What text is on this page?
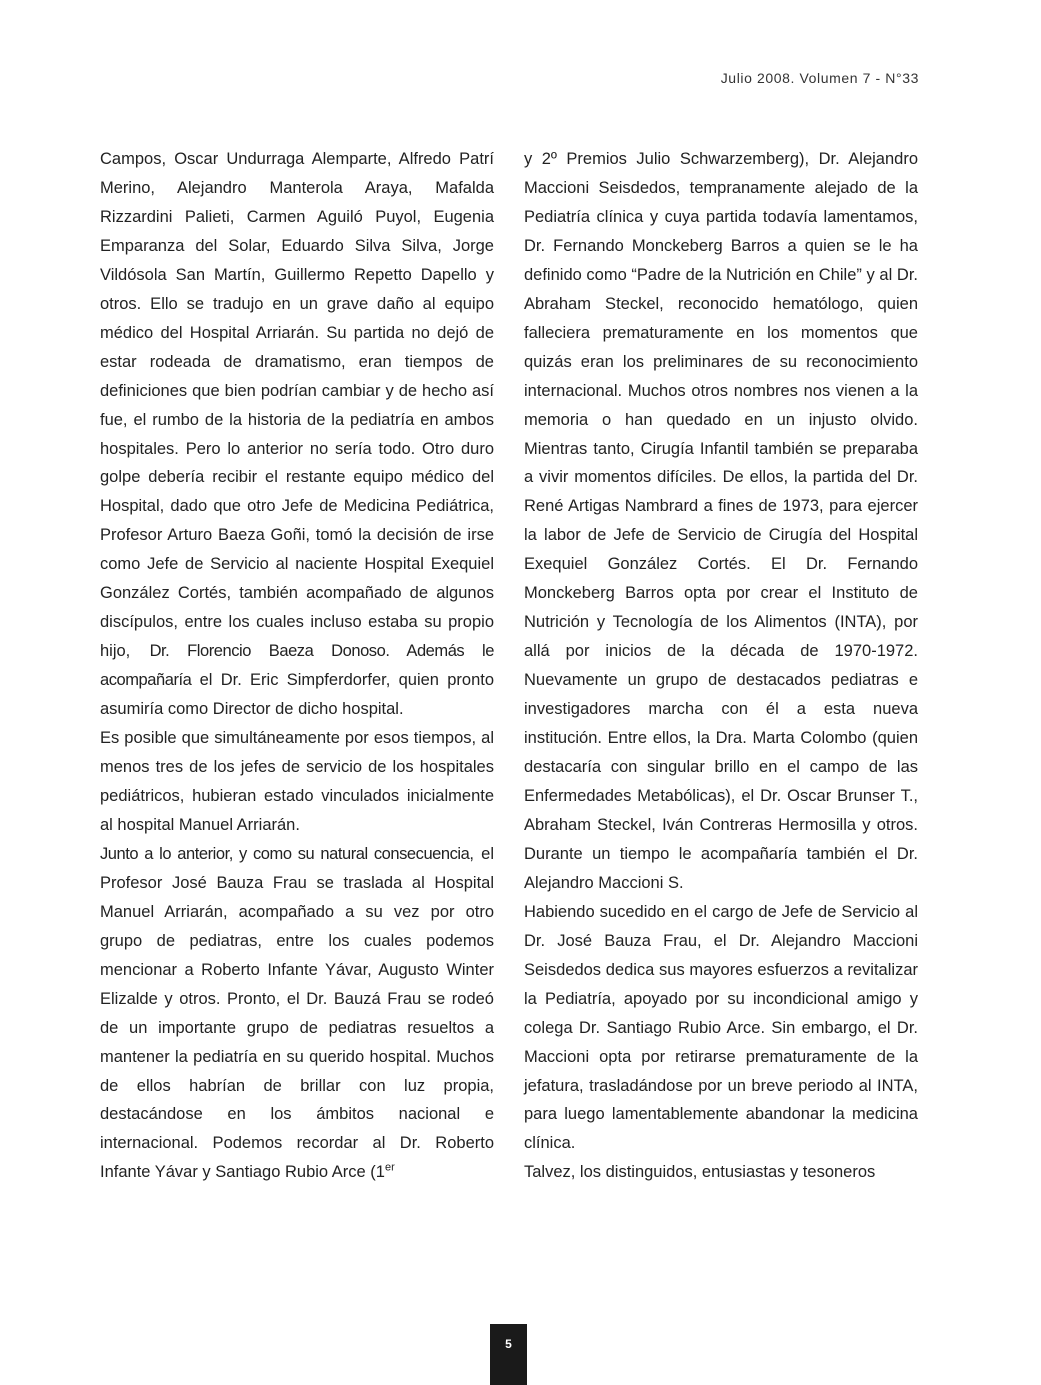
Julio 2008. Volumen 7 - N°33

Campos, Oscar Undurraga Alemparte, Alfredo Patrí Merino, Alejandro Manterola Araya, Mafalda Rizzardini Palieti, Carmen Aguiló Puyol, Eugenia Emparanza del Solar, Eduardo Silva Silva, Jorge Vildósola San Martín, Guillermo Repetto Dapello y otros. Ello se tradujo en un grave daño al equipo médico del Hospital Arriarán. Su partida no dejó de estar rodeada de dramatismo, eran tiempos de definiciones que bien podrían cambiar y de hecho así fue, el rumbo de la historia de la pediatría en ambos hospitales. Pero lo anterior no sería todo. Otro duro golpe debería recibir el restante equipo médico del Hospital, dado que otro Jefe de Medicina Pediátrica, Profesor Arturo Baeza Goñi, tomó la decisión de irse como Jefe de Servicio al naciente Hospital Exequiel González Cortés, también acompañado de algunos discípulos, entre los cuales incluso estaba su propio hijo, Dr. Florencio Baeza Donoso. Además le acompañaría el Dr. Eric Simpferdorfer, quien pronto asumiría como Director de dicho hospital.

Es posible que simultáneamente por esos tiempos, al menos tres de los jefes de servicio de los hospitales pediátricos, hubieran estado vinculados inicialmente al hospital Manuel Arriarán.

Junto a lo anterior, y como su natural consecuencia, el Profesor José Bauza Frau se traslada al Hospital Manuel Arriarán, acompañado a su vez por otro grupo de pediatras, entre los cuales podemos mencionar a Roberto Infante Yávar, Augusto Winter Elizalde y otros. Pronto, el Dr. Bauzá Frau se rodeó de un importante grupo de pediatras resueltos a mantener la pediatría en su querido hospital. Muchos de ellos habrían de brillar con luz propia, destacándose en los ámbitos nacional e internacional. Podemos recordar al Dr. Roberto Infante Yávar y Santiago Rubio Arce (1er

y 2º Premios Julio Schwarzemberg), Dr. Alejandro Maccioni Seisdedos, tempranamente alejado de la Pediatría clínica y cuya partida todavía lamentamos, Dr. Fernando Monckeberg Barros a quien se le ha definido como “Padre de la Nutrición en Chile” y al Dr. Abraham Steckel, reconocido hematólogo, quien falleciera prematuramente en los momentos que quizás eran los preliminares de su reconocimiento internacional. Muchos otros nombres nos vienen a la memoria o han quedado en un injusto olvido. Mientras tanto, Cirugía Infantil también se preparaba a vivir momentos difíciles. De ellos, la partida del Dr. René Artigas Nambrard a fines de 1973, para ejercer la labor de Jefe de Servicio de Cirugía del Hospital Exequiel González Cortés. El Dr. Fernando Monckeberg Barros opta por crear el Instituto de Nutrición y Tecnología de los Alimentos (INTA), por allá por inicios de la década de 1970-1972. Nuevamente un grupo de destacados pediatras e investigadores marcha con él a esta nueva institución. Entre ellos, la Dra. Marta Colombo (quien destacaría con singular brillo en el campo de las Enfermedades Metabólicas), el Dr. Oscar Brunser T., Abraham Steckel, Iván Contreras Hermosilla y otros. Durante un tiempo le acompañaría también el Dr. Alejandro Maccioni S.

Habiendo sucedido en el cargo de Jefe de Servicio al Dr. José Bauza Frau, el Dr. Alejandro Maccioni Seisdedos dedica sus mayores esfuerzos a revitalizar la Pediatría, apoyado por su incondicional amigo y colega Dr. Santiago Rubio Arce. Sin embargo, el Dr. Maccioni opta por retirarse prematuramente de la jefatura, trasladándose por un breve periodo al INTA, para luego lamentablemente abandonar la medicina clínica.

Talvez, los distinguidos, entusiastas y tesoneros

5
